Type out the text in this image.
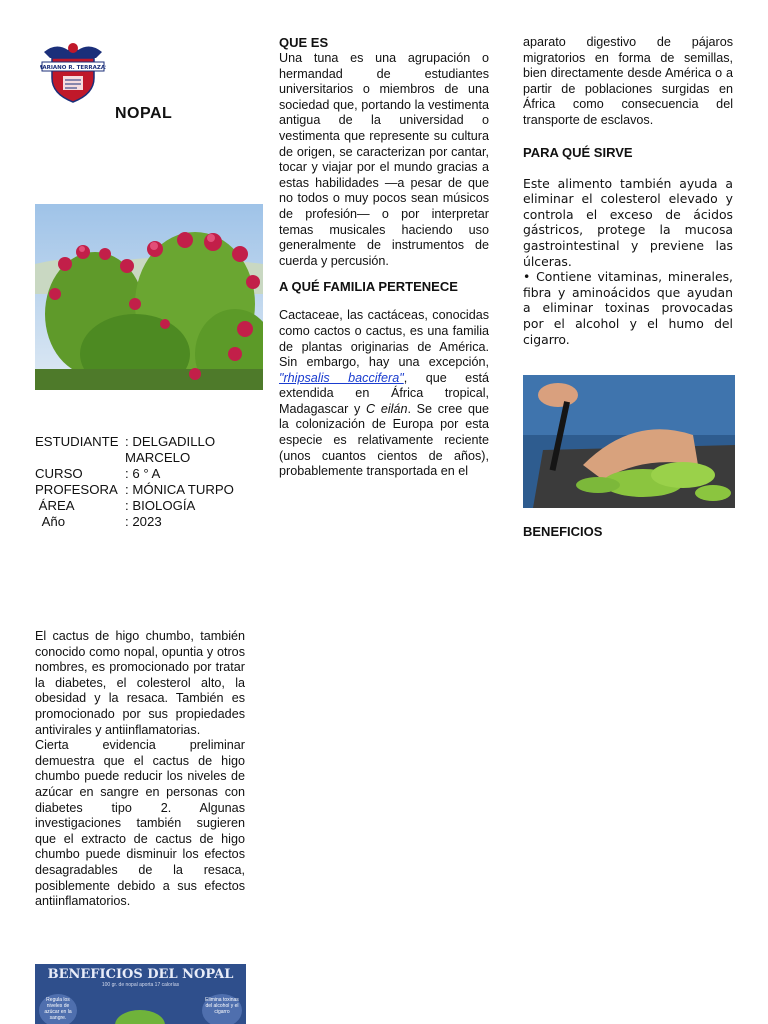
MARIANO R. TERRAZAS
NOPAL
ESTUDIANTE : DELGADILLO
MARCELO
CURSO	: 6 ° A
PROFESORA : MÓNICA TURPO
ÁREA	: BIOLOGÍA
Año	: 2023

El cactus de higo chumbo, también conocido como nopal, opuntia y otros nombres, es promocionado por tratar la diabetes, el colesterol alto, la obesidad y la resaca. También es promocionado por sus propiedades antivirales y antiinflamatorias.

Cierta evidencia preliminar demuestra que el cactus de higo chumbo puede reducir los niveles de azúcar en sangre en personas con diabetes tipo 2. Algunas investigaciones también sugieren que el extracto de cactus de higo chumbo puede disminuir los efectos desagradables de la resaca, posiblemente debido a sus efectos antiinflamatorios.

BENEFICIOS DEL NOPAL
100 gr. de nopal aporta 17 calorías
Regula los niveles de azúcar en la sangre.
Elimina toxinas del alcohol y el cigarro

QUE ES

Una tuna es una agrupación o hermandad de estudiantes universitarios o miembros de una sociedad que, portando la vestimenta antigua de la universidad o vestimenta que represente su cultura de origen, se caracterizan por cantar, tocar y viajar por el mundo gracias a estas habilidades —a pesar de que no todos o muy pocos sean músicos de profesión— o por interpretar temas musicales haciendo uso generalmente de instrumentos de cuerda y percusión.

A QUÉ FAMILIA PERTENECE

Cactaceae, las cactáceas, conocidas como cactos o cactus, es una familia de plantas originarias de América. Sin embargo, hay una excepción, "rhipsalis baccifera", que está extendida en África tropical, Madagascar y C eilán. Se cree que la colonización de Europa por esta especie es relativamente reciente (unos cuantos cientos de años), probablemente transportada en el

aparato digestivo de pájaros migratorios en forma de semillas, bien directamente desde América o a partir de poblaciones surgidas en África como consecuencia del transporte de esclavos.

PARA QUÉ SIRVE

Este alimento también ayuda a eliminar el colesterol elevado y controla el exceso de ácidos gástricos, protege la mucosa gastrointestinal y previene las úlceras.

• Contiene vitaminas, minerales, fibra y aminoácidos que ayudan a eliminar toxinas provocadas por el alcohol y el humo del cigarro.

BENEFICIOS
